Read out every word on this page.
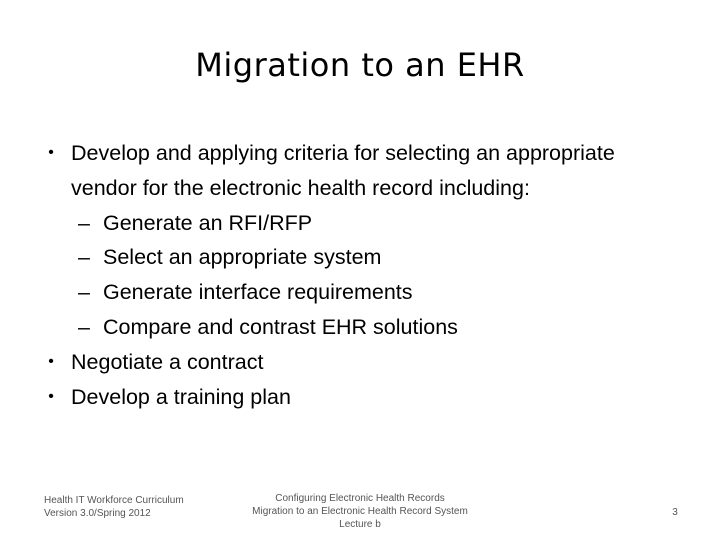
Migration to an EHR
• Develop and applying criteria for selecting an appropriate
vendor for the electronic health record including:
– Generate an RFI/RFP
– Select an appropriate system
– Generate interface requirements
– Compare and contrast EHR solutions
• Negotiate a contract
• Develop a training plan
Health IT Workforce Curriculum
Version 3.0/Spring 2012
Configuring Electronic Health Records
Migration to an Electronic Health Record System
Lecture b
3
